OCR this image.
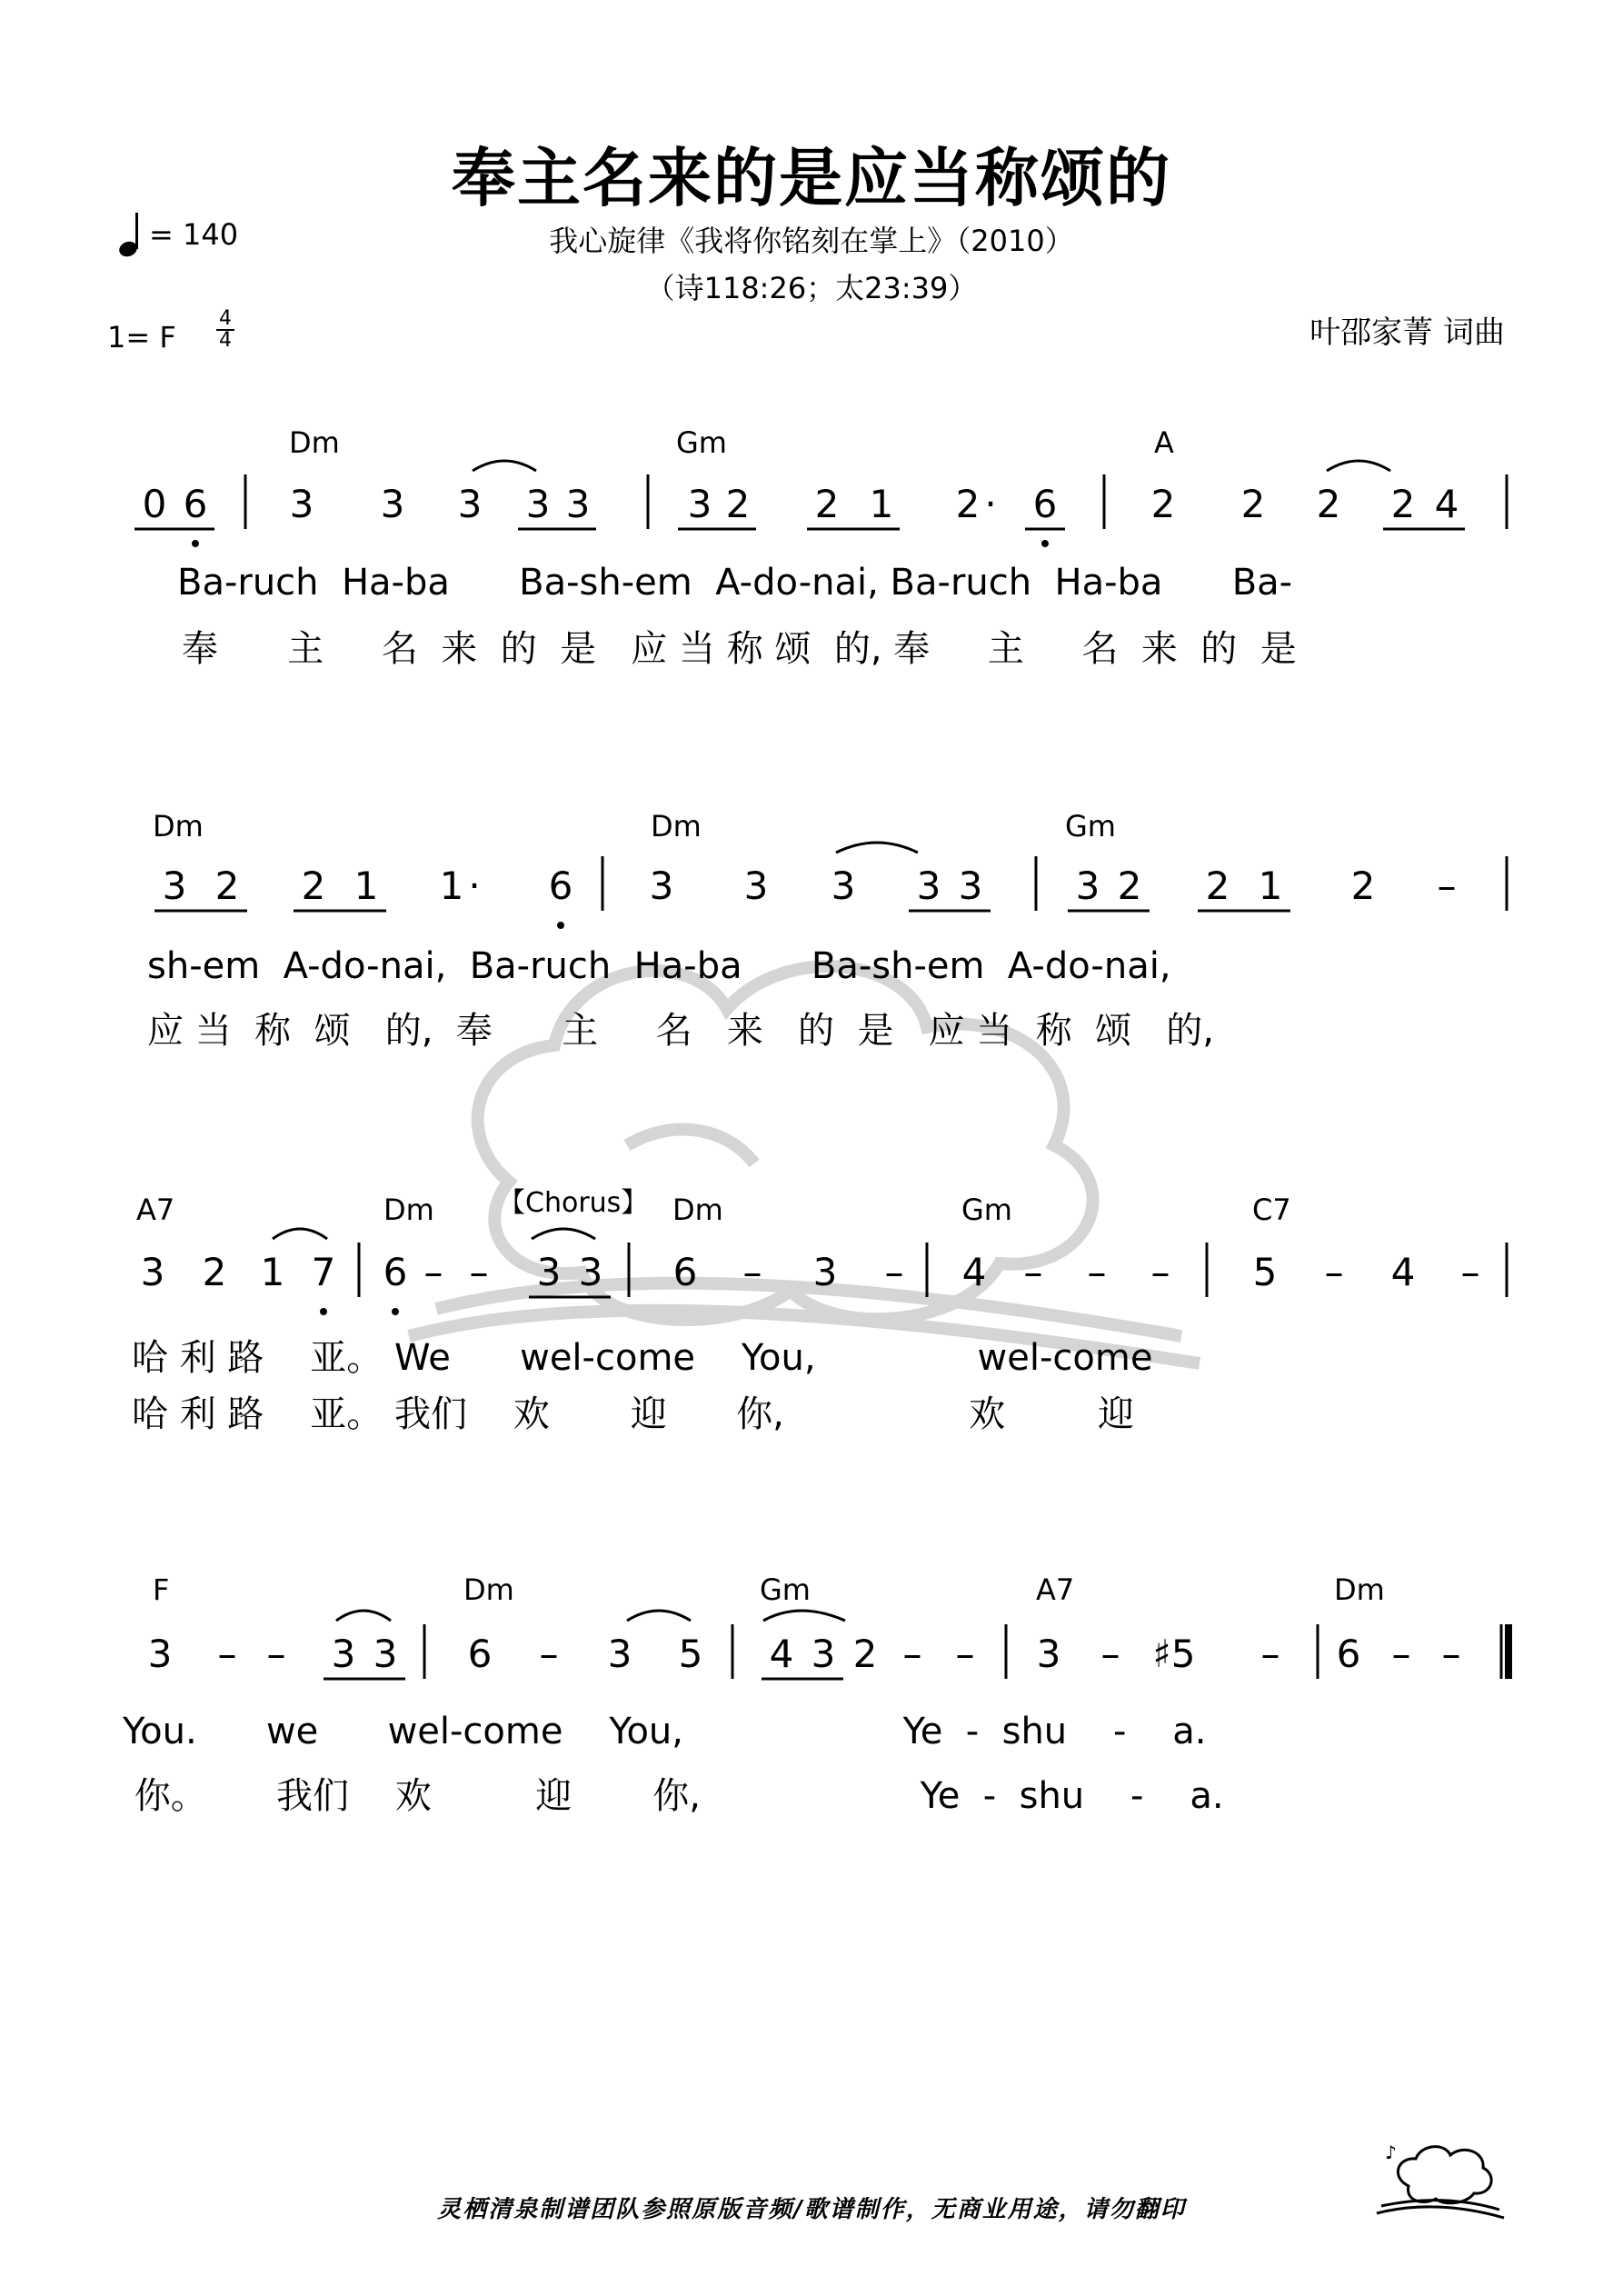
奉主名来的是应当称颂的
我心旋律《我将你铭刻在掌上》（2010）
（诗118:26；太23:39）
叶邵家菁 词曲
= 140
1= F
4
4
Dm	Gm	A
0 6 3 3 3 3 3	3 2 2 1 2 · 6 2 2 2 2 4
Ba-ruch  Ha-ba      Ba-sh-em  A-do-nai, Ba-ruch  Ha-ba      Ba-
奉      主     名  来  的  是   应 当 称 颂  的, 奉     主     名  来  的  是
Dm	Dm	Gm
3 2 2 1 1 · 6 3 3 3 3 3 3 2 2 1 2 –
sh-em  A-do-nai,  Ba-ruch  Ha-ba      Ba-sh-em  A-do-nai,
应 当  称  颂   的,  奉      主     名   来   的  是   应 当  称  颂   的,
A7	Dm 【Chorus】 Dm	Gm	C7
3 2 1 7 6 – – 3 3 6 – 3 – 4 – – – 5 – 4 –
哈 利 路    亚。 We      wel-come    You,              wel-come
哈 利 路    亚。 我们    欢       迎      你,                欢        迎
F	Dm	Gm	A7	Dm
3 – – 3 3 6 – 3 5 4 3 2 – – 3 – ♯5 – 6 – –
You.      we      wel-come    You,                   Ye  -  shu    -    a.
你。      我们    欢         迎       你,                   Ye  -  shu    -    a.
灵栖清泉制谱团队参照原版音频/歌谱制作，无商业用途，请勿翻印
♪
